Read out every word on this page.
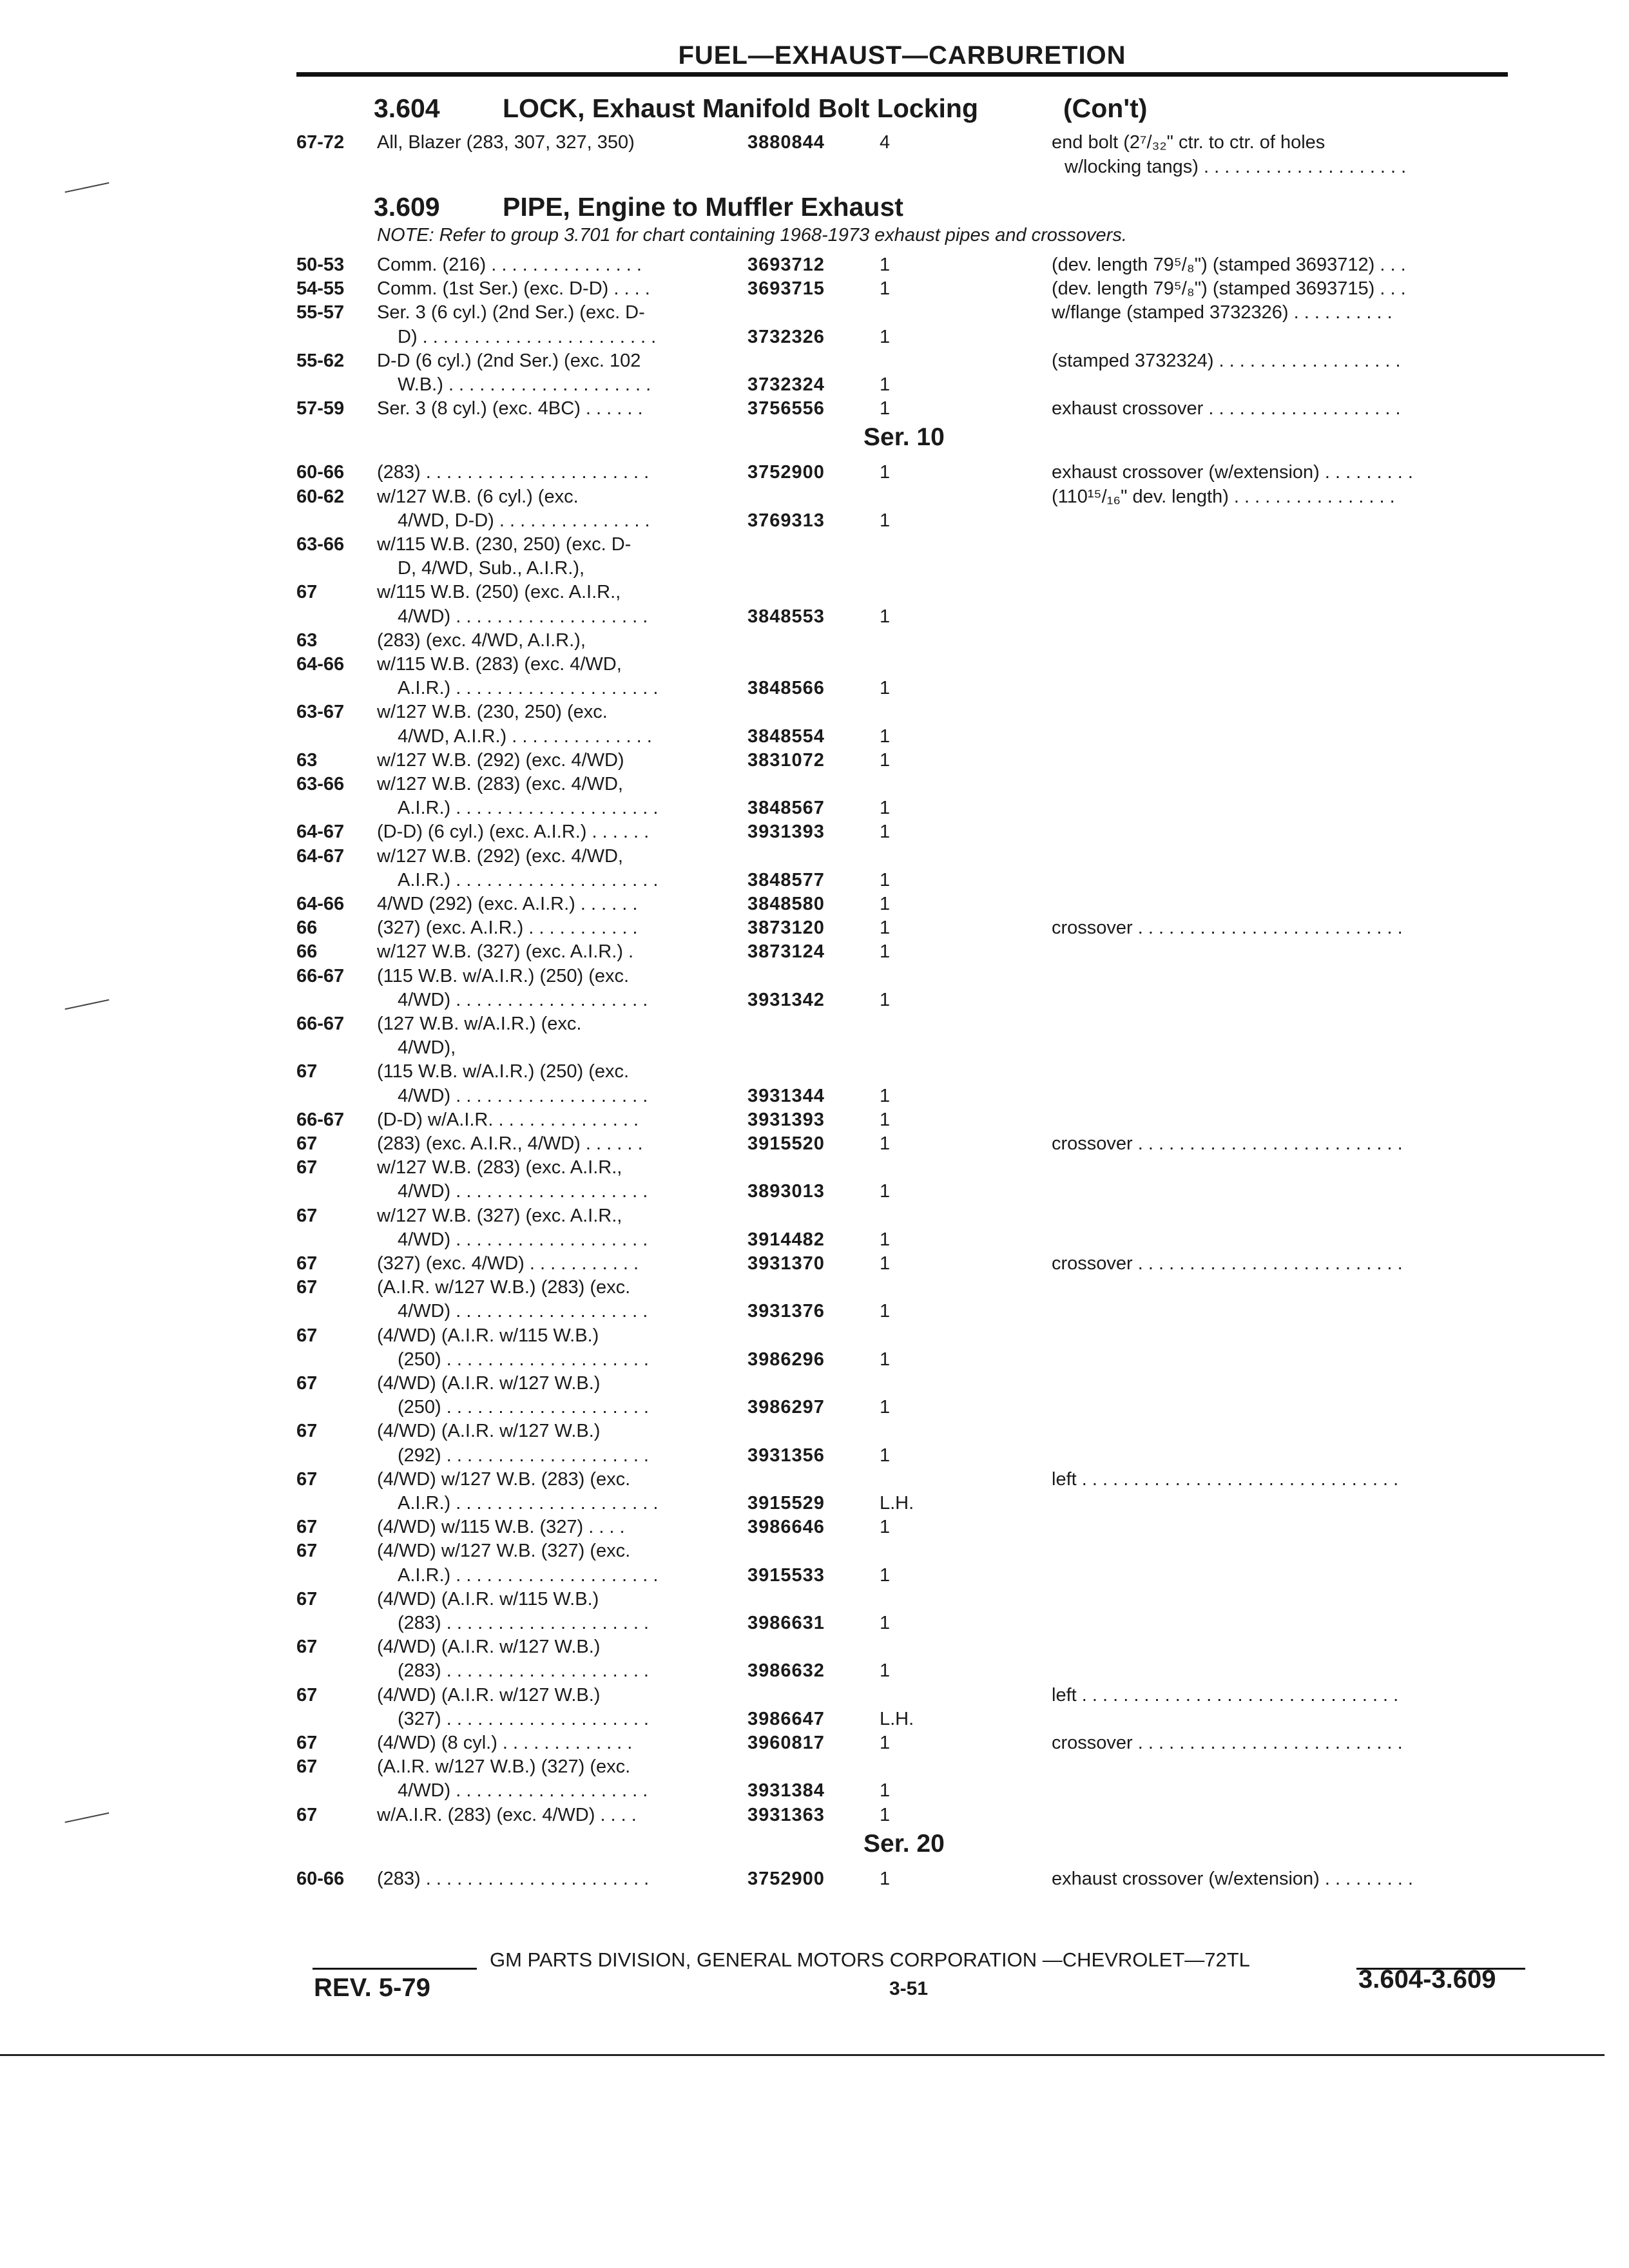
FUEL—EXHAUST—CARBURETION
3.604 LOCK, Exhaust Manifold Bolt Locking	(Con't)
67-72 All, Blazer (283, 307, 327, 350)	3880844	4	end bolt (2⁷/₃₂" ctr. to ctr. of holes
w/locking tangs) . . . . . . . . . . . . . . . . . . . .
3.609 PIPE, Engine to Muffler Exhaust
NOTE: Refer to group 3.701 for chart containing 1968-1973 exhaust pipes and crossovers.
50-53 Comm. (216) . . . . . . . . . . . . . . .	3693712	1	(dev. length 79⁵/₈") (stamped 3693712) . . .
54-55 Comm. (1st Ser.) (exc. D-D) . . . .	3693715	1	(dev. length 79⁵/₈") (stamped 3693715) . . .
55-57 Ser. 3 (6 cyl.) (2nd Ser.) (exc. D-	w/flange (stamped 3732326) . . . . . . . . . .
D) . . . . . . . . . . . . . . . . . . . . . . .	3732326	1
55-62 D-D (6 cyl.) (2nd Ser.) (exc. 102	(stamped 3732324) . . . . . . . . . . . . . . . . . .
W.B.) . . . . . . . . . . . . . . . . . . . .	3732324	1
57-59 Ser. 3 (8 cyl.) (exc. 4BC) . . . . . .	3756556	1	exhaust crossover . . . . . . . . . . . . . . . . . . .
Ser. 10
60-66 (283) . . . . . . . . . . . . . . . . . . . . . .	3752900	1	exhaust crossover (w/extension) . . . . . . . . .
60-62 w/127 W.B. (6 cyl.) (exc.	(110¹⁵/₁₆" dev. length) . . . . . . . . . . . . . . . .
4/WD, D-D) . . . . . . . . . . . . . . .	3769313	1
63-66 w/115 W.B. (230, 250) (exc. D-
D, 4/WD, Sub., A.I.R.),
67	w/115 W.B. (250) (exc. A.I.R.,
4/WD) . . . . . . . . . . . . . . . . . . .	3848553	1
63	(283) (exc. 4/WD, A.I.R.),
64-66 w/115 W.B. (283) (exc. 4/WD,
A.I.R.) . . . . . . . . . . . . . . . . . . . .	3848566	1
63-67 w/127 W.B. (230, 250) (exc.
4/WD, A.I.R.) . . . . . . . . . . . . . .	3848554	1
63	w/127 W.B. (292) (exc. 4/WD)	3831072	1
63-66 w/127 W.B. (283) (exc. 4/WD,
A.I.R.) . . . . . . . . . . . . . . . . . . . .	3848567	1
64-67 (D-D) (6 cyl.) (exc. A.I.R.) . . . . . .	3931393	1
64-67 w/127 W.B. (292) (exc. 4/WD,
A.I.R.) . . . . . . . . . . . . . . . . . . . .	3848577	1
64-66 4/WD (292) (exc. A.I.R.) . . . . . .	3848580	1
66	(327) (exc. A.I.R.) . . . . . . . . . . .	3873120	1	crossover . . . . . . . . . . . . . . . . . . . . . . . . . .
66	w/127 W.B. (327) (exc. A.I.R.) .	3873124	1
66-67 (115 W.B. w/A.I.R.) (250) (exc.
4/WD) . . . . . . . . . . . . . . . . . . .	3931342	1
66-67 (127 W.B. w/A.I.R.) (exc.
4/WD),
67	(115 W.B. w/A.I.R.) (250) (exc.
4/WD) . . . . . . . . . . . . . . . . . . .	3931344	1
66-67 (D-D) w/A.I.R. . . . . . . . . . . . . . .	3931393	1
67	(283) (exc. A.I.R., 4/WD) . . . . . .	3915520	1	crossover . . . . . . . . . . . . . . . . . . . . . . . . . .
67	w/127 W.B. (283) (exc. A.I.R.,
4/WD) . . . . . . . . . . . . . . . . . . .	3893013	1
67	w/127 W.B. (327) (exc. A.I.R.,
4/WD) . . . . . . . . . . . . . . . . . . .	3914482	1
67	(327) (exc. 4/WD) . . . . . . . . . . .	3931370	1	crossover . . . . . . . . . . . . . . . . . . . . . . . . . .
67	(A.I.R. w/127 W.B.) (283) (exc.
4/WD) . . . . . . . . . . . . . . . . . . .	3931376	1
67	(4/WD) (A.I.R. w/115 W.B.)
(250) . . . . . . . . . . . . . . . . . . . .	3986296	1
67	(4/WD) (A.I.R. w/127 W.B.)
(250) . . . . . . . . . . . . . . . . . . . .	3986297	1
67	(4/WD) (A.I.R. w/127 W.B.)
(292) . . . . . . . . . . . . . . . . . . . .	3931356	1
67	(4/WD) w/127 W.B. (283) (exc.	left . . . . . . . . . . . . . . . . . . . . . . . . . . . . . . .
A.I.R.) . . . . . . . . . . . . . . . . . . . .	3915529	L.H.
67	(4/WD) w/115 W.B. (327) . . . .	3986646	1
67	(4/WD) w/127 W.B. (327) (exc.
A.I.R.) . . . . . . . . . . . . . . . . . . . .	3915533	1
67	(4/WD) (A.I.R. w/115 W.B.)
(283) . . . . . . . . . . . . . . . . . . . .	3986631	1
67	(4/WD) (A.I.R. w/127 W.B.)
(283) . . . . . . . . . . . . . . . . . . . .	3986632	1
67	(4/WD) (A.I.R. w/127 W.B.)	left . . . . . . . . . . . . . . . . . . . . . . . . . . . . . . .
(327) . . . . . . . . . . . . . . . . . . . .	3986647	L.H.
67	(4/WD) (8 cyl.) . . . . . . . . . . . . .	3960817	1	crossover . . . . . . . . . . . . . . . . . . . . . . . . . .
67	(A.I.R. w/127 W.B.) (327) (exc.
4/WD) . . . . . . . . . . . . . . . . . . .	3931384	1
67	w/A.I.R. (283) (exc. 4/WD) . . . .	3931363	1
Ser. 20
60-66 (283) . . . . . . . . . . . . . . . . . . . . . .	3752900	1	exhaust crossover (w/extension) . . . . . . . . .
GM PARTS DIVISION, GENERAL MOTORS CORPORATION —CHEVROLET—72TL
REV. 5-79	3-51	3.604-3.609
